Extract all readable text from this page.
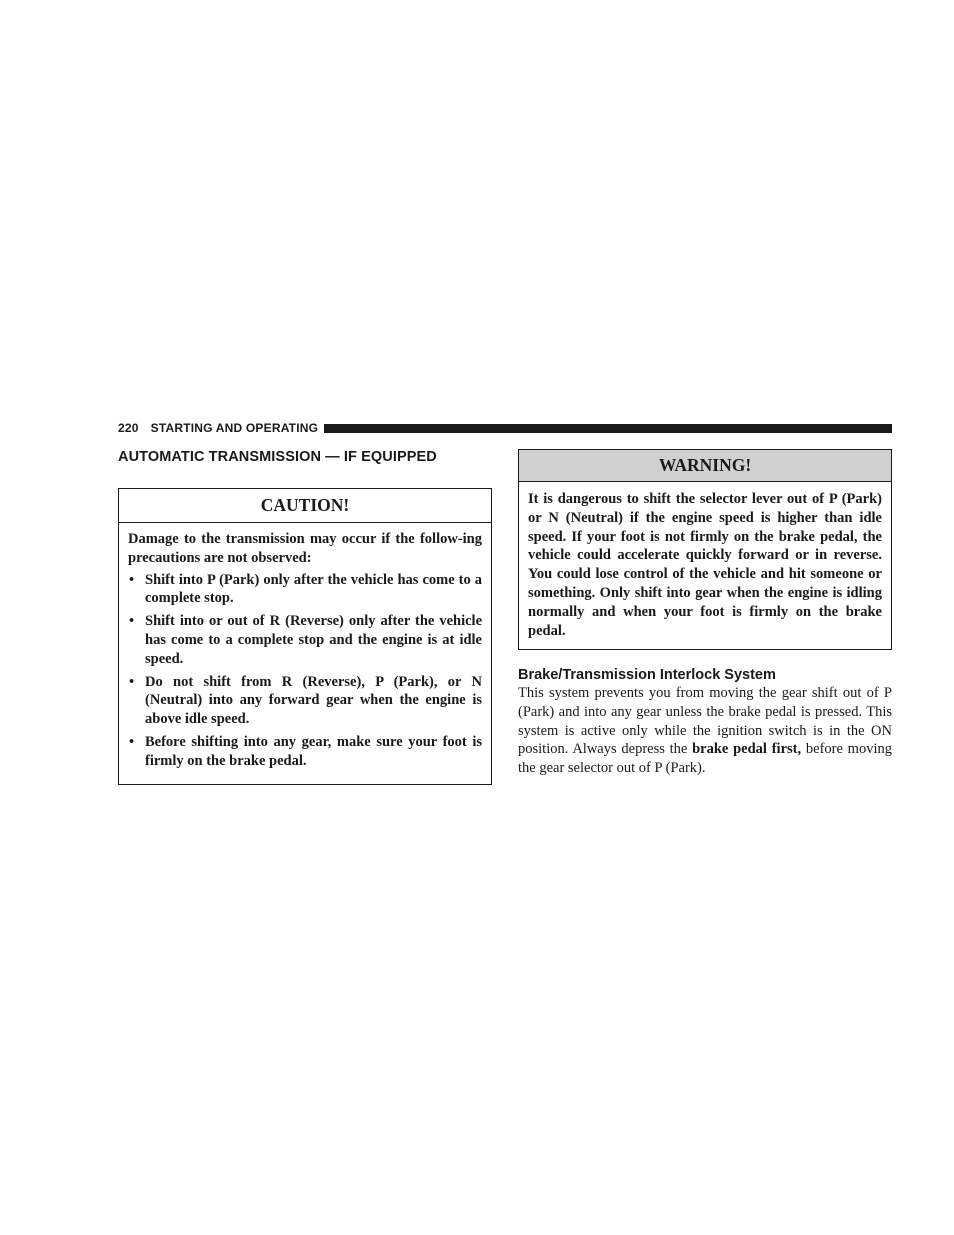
220 STARTING AND OPERATING
AUTOMATIC TRANSMISSION — IF EQUIPPED
CAUTION!

Damage to the transmission may occur if the follow-ing precautions are not observed:

• Shift into P (Park) only after the vehicle has come to a complete stop.
• Shift into or out of R (Reverse) only after the vehicle has come to a complete stop and the engine is at idle speed.
• Do not shift from R (Reverse), P (Park), or N (Neutral) into any forward gear when the engine is above idle speed.
• Before shifting into any gear, make sure your foot is firmly on the brake pedal.
WARNING!
It is dangerous to shift the selector lever out of P (Park) or N (Neutral) if the engine speed is higher than idle speed. If your foot is not firmly on the brake pedal, the vehicle could accelerate quickly forward or in reverse. You could lose control of the vehicle and hit someone or something. Only shift into gear when the engine is idling normally and when your foot is firmly on the brake pedal.
Brake/Transmission Interlock System

This system prevents you from moving the gear shift out of P (Park) and into any gear unless the brake pedal is pressed. This system is active only while the ignition switch is in the ON position. Always depress the brake pedal first, before moving the gear selector out of P (Park).
